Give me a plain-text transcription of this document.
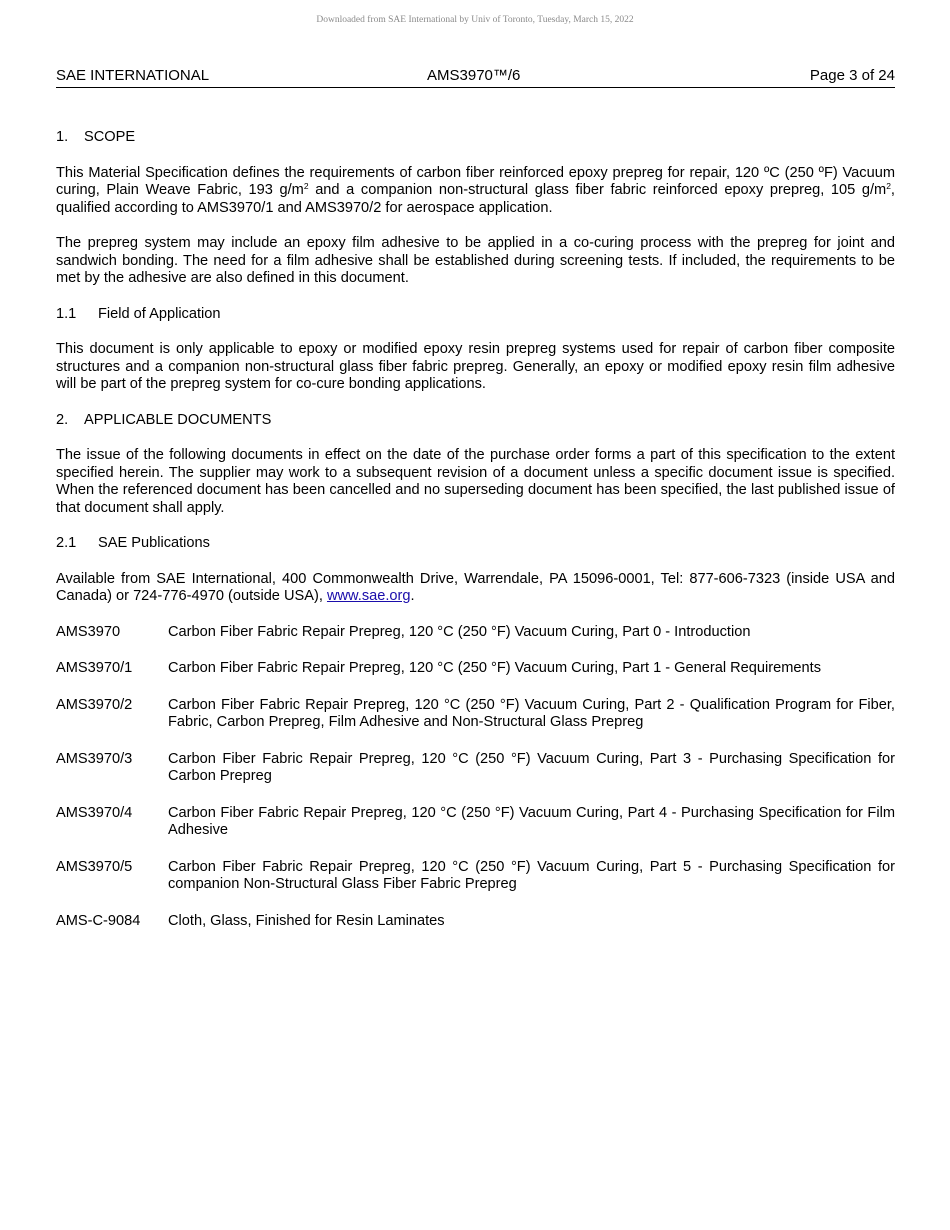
Downloaded from SAE International by Univ of Toronto, Tuesday, March 15, 2022
SAE INTERNATIONAL	AMS3970™/6	Page 3 of 24
1. SCOPE
This Material Specification defines the requirements of carbon fiber reinforced epoxy prepreg for repair, 120 ºC (250 ºF) Vacuum curing, Plain Weave Fabric, 193 $g/m^2$ and a companion non-structural glass fiber fabric reinforced epoxy prepreg, 105 $g/m^2$, qualified according to AMS3970/1 and AMS3970/2 for aerospace application.
The prepreg system may include an epoxy film adhesive to be applied in a co-curing process with the prepreg for joint and sandwich bonding. The need for a film adhesive shall be established during screening tests. If included, the requirements to be met by the adhesive are also defined in this document.
1.1 Field of Application
This document is only applicable to epoxy or modified epoxy resin prepreg systems used for repair of carbon fiber composite structures and a companion non-structural glass fiber fabric prepreg. Generally, an epoxy or modified epoxy resin film adhesive will be part of the prepreg system for co-cure bonding applications.
2. APPLICABLE DOCUMENTS
The issue of the following documents in effect on the date of the purchase order forms a part of this specification to the extent specified herein. The supplier may work to a subsequent revision of a document unless a specific document issue is specified. When the referenced document has been cancelled and no superseding document has been specified, the last published issue of that document shall apply.
2.1 SAE Publications
Available from SAE International, 400 Commonwealth Drive, Warrendale, PA 15096-0001, Tel: 877-606-7323 (inside USA and Canada) or 724-776-4970 (outside USA), www.sae.org.
AMS3970	Carbon Fiber Fabric Repair Prepreg, 120 °C (250 °F) Vacuum Curing, Part 0 - Introduction
AMS3970/1	Carbon Fiber Fabric Repair Prepreg, 120 °C (250 °F) Vacuum Curing, Part 1 - General Requirements
AMS3970/2	Carbon Fiber Fabric Repair Prepreg, 120 °C (250 °F) Vacuum Curing, Part 2 - Qualification Program for Fiber, Fabric, Carbon Prepreg, Film Adhesive and Non-Structural Glass Prepreg
AMS3970/3	Carbon Fiber Fabric Repair Prepreg, 120 °C (250 °F) Vacuum Curing, Part 3 - Purchasing Specification for Carbon Prepreg
AMS3970/4	Carbon Fiber Fabric Repair Prepreg, 120 °C (250 °F) Vacuum Curing, Part 4 - Purchasing Specification for Film Adhesive
AMS3970/5	Carbon Fiber Fabric Repair Prepreg, 120 °C (250 °F) Vacuum Curing, Part 5 - Purchasing Specification for companion Non-Structural Glass Fiber Fabric Prepreg
AMS-C-9084	Cloth, Glass, Finished for Resin Laminates
